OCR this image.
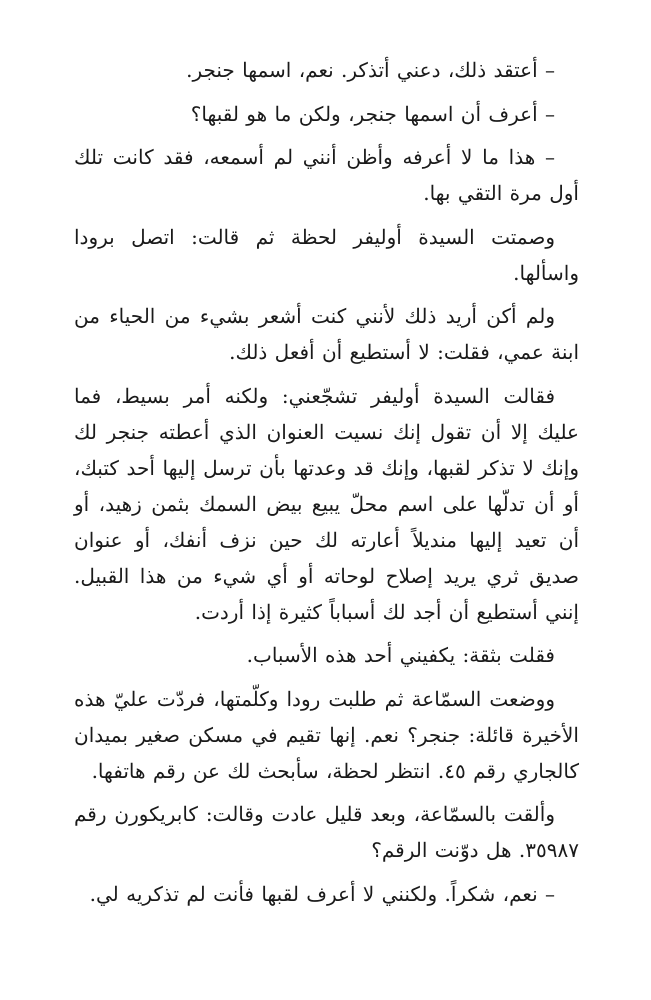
– أعتقد ذلك، دعني أتذكر. نعم، اسمها جنجر.

– أعرف أن اسمها جنجر، ولكن ما هو لقبها؟

– هذا ما لا أعرفه وأظن أنني لم أسمعه، فقد كانت تلك أول مرة التقي بها.

وصمتت السيدة أوليفر لحظة ثم قالت: اتصل برودا واسألها.

ولم أكن أريد ذلك لأنني كنت أشعر بشيء من الحياء من ابنة عمي، فقلت: لا أستطيع أن أفعل ذلك.

فقالت السيدة أوليفر تشجّعني: ولكنه أمر بسيط، فما عليك إلا أن تقول إنك نسيت العنوان الذي أعطته جنجر لك وإنك لا تذكر لقبها، وإنك قد وعدتها بأن ترسل إليها أحد كتبك، أو أن تدلّها على اسم محلّ يبيع بيض السمك بثمن زهيد، أو أن تعيد إليها منديلاً أعارته لك حين نزف أنفك، أو عنوان صديق ثري يريد إصلاح لوحاته أو أي شيء من هذا القبيل. إنني أستطيع أن أجد لك أسباباً كثيرة إذا أردت.

فقلت بثقة: يكفيني أحد هذه الأسباب.

ووضعت السمّاعة ثم طلبت رودا وكلّمتها، فردّت عليّ هذه الأخيرة قائلة: جنجر؟ نعم. إنها تقيم في مسكن صغير بميدان كالجاري رقم ٤٥. انتظر لحظة، سأبحث لك عن رقم هاتفها.

وألقت بالسمّاعة، وبعد قليل عادت وقالت: كابريكورن رقم ٣٥٩٨٧. هل دوّنت الرقم؟

– نعم، شكراً. ولكنني لا أعرف لقبها فأنت لم تذكريه لي.
